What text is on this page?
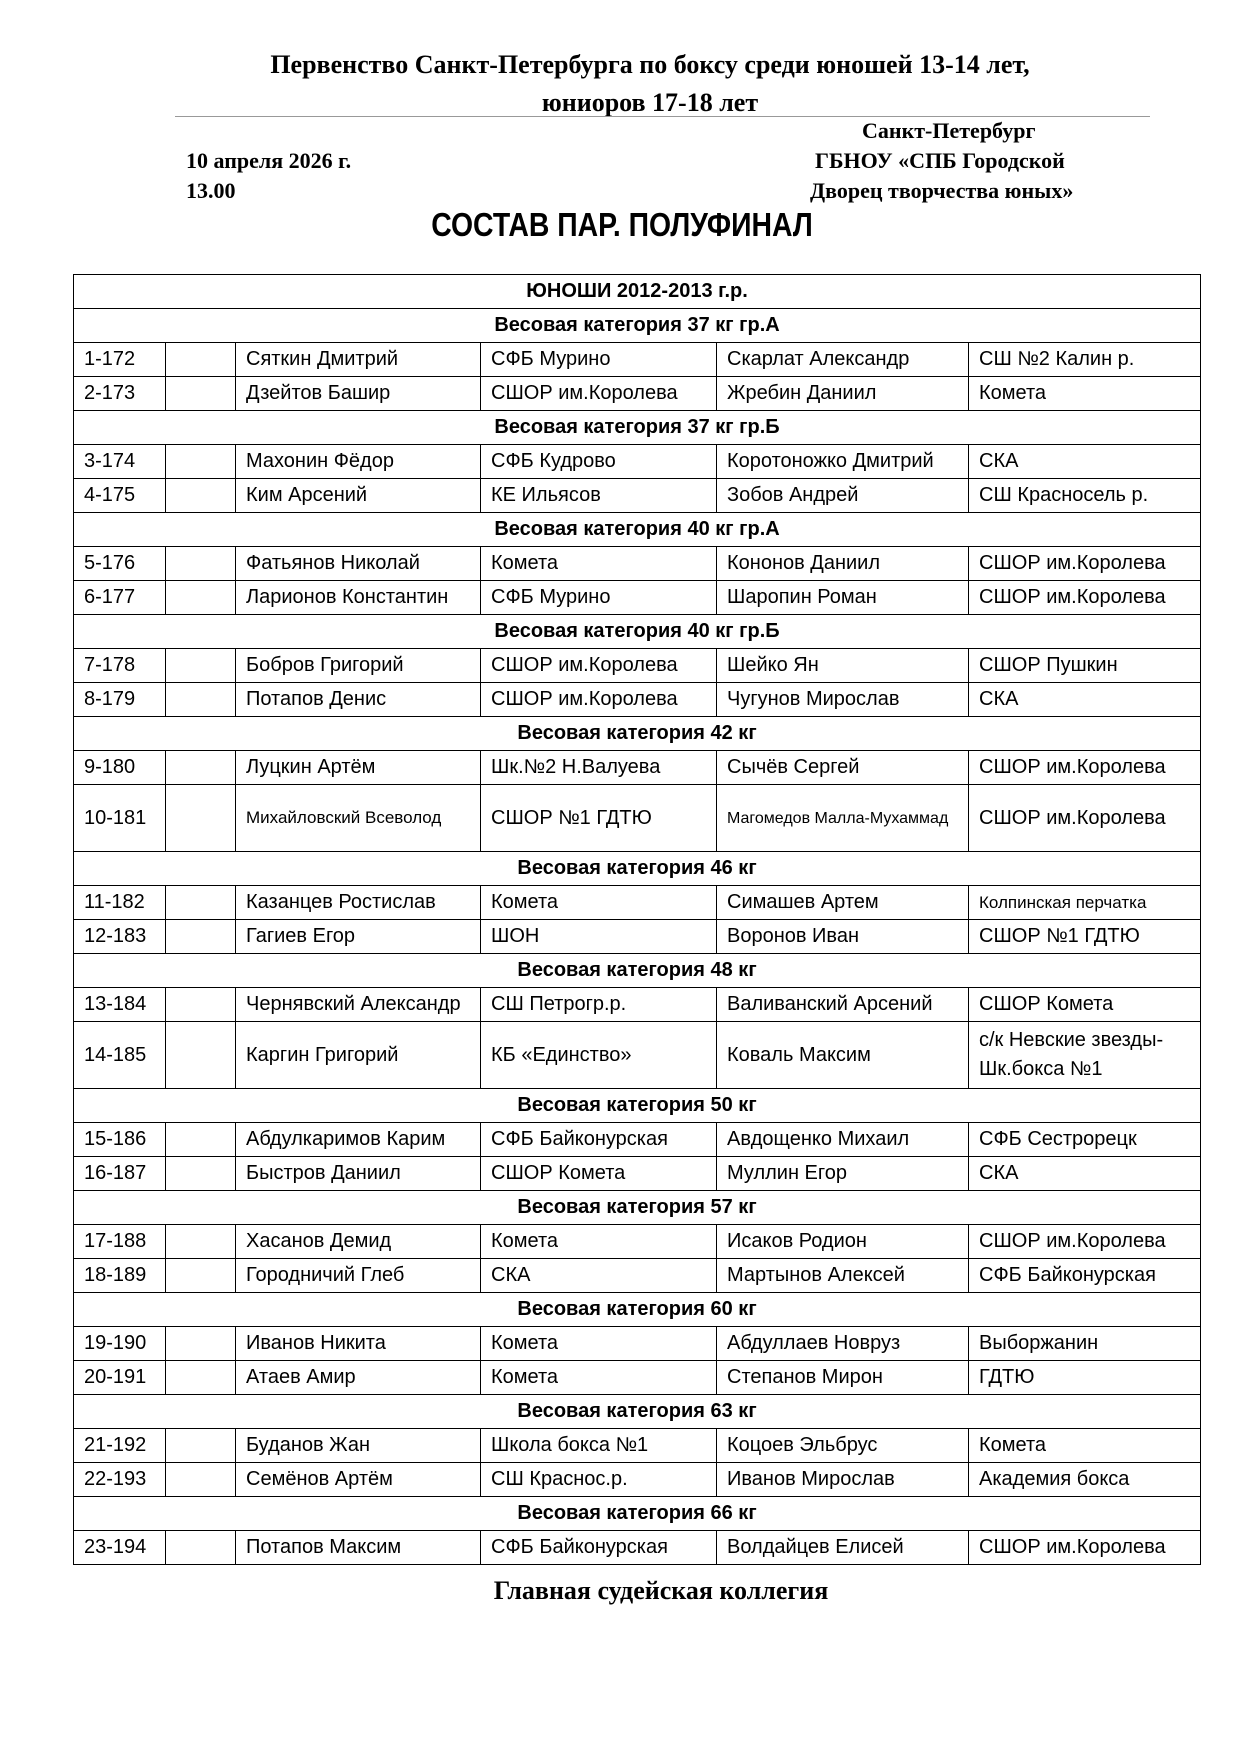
Первенство Санкт-Петербурга по боксу среди юношей 13-14 лет,
юниоров 17-18 лет
Санкт-Петербург
10 апреля 2026 г.
13.00
ГБНОУ «СПБ Городской
Дворец творчества юных»
СОСТАВ ПАР. ПОЛУФИНАЛ
ЮНОШИ 2012-2013 г.р.					
Весовая категория 37 кг гр.А					
1-172		Сяткин Дмитрий	СФБ Мурино	Скарлат Александр	СШ №2 Калин р.
2-173		Дзейтов Башир	СШОР им.Королева	Жребин Даниил	Комета
Весовая категория 37 кг гр.Б					
3-174		Махонин Фёдор	СФБ Кудрово	Коротоножко Дмитрий	СКА
4-175		Ким Арсений	КЕ Ильясов	Зобов Андрей	СШ Красносель р.
Весовая категория 40 кг гр.А					
5-176		Фатьянов Николай	Комета	Кононов Даниил	СШОР им.Королева
6-177		Ларионов Константин	СФБ Мурино	Шаропин Роман	СШОР им.Королева
Весовая категория 40 кг гр.Б					
7-178		Бобров Григорий	СШОР им.Королева	Шейко Ян	СШОР Пушкин
8-179		Потапов Денис	СШОР им.Королева	Чугунов Мирослав	СКА
Весовая категория 42 кг					
9-180		Луцкин Артём	Шк.№2 Н.Валуева	Сычёв Сергей	СШОР им.Королева
10-181		Михайловский Всеволод	СШОР №1 ГДТЮ	Магомедов Малла-Мухаммад	СШОР им.Королева
Весовая категория 46 кг					
11-182		Казанцев Ростислав	Комета	Симашев Артем	Колпинская перчатка
12-183		Гагиев Егор	ШОН	Воронов Иван	СШОР №1 ГДТЮ
Весовая категория 48 кг					
13-184		Чернявский Александр	СШ Петрогр.р.	Валиванский Арсений	СШОР Комета
14-185		Каргин Григорий	КБ «Единство»	Коваль Максим	с/к Невские звезды-Шк.бокса №1
Весовая категория 50 кг					
15-186		Абдулкаримов Карим	СФБ Байконурская	Авдощенко Михаил	СФБ Сестрорецк
16-187		Быстров Даниил	СШОР Комета	Муллин Егор	СКА
Весовая категория 57 кг					
17-188		Хасанов Демид	Комета	Исаков Родион	СШОР им.Королева
18-189		Городничий Глеб	СКА	Мартынов Алексей	СФБ Байконурская
Весовая категория 60 кг					
19-190		Иванов Никита	Комета	Абдуллаев Новруз	Выборжанин
20-191		Атаев Амир	Комета	Степанов Мирон	ГДТЮ
Весовая категория 63 кг					
21-192		Буданов Жан	Школа бокса №1	Коцоев Эльбрус	Комета
22-193		Семёнов Артём	СШ Краснос.р.	Иванов Мирослав	Академия бокса
Весовая категория 66 кг					
23-194		Потапов Максим	СФБ Байконурская	Волдайцев Елисей	СШОР им.Королева
Главная судейская коллегия
